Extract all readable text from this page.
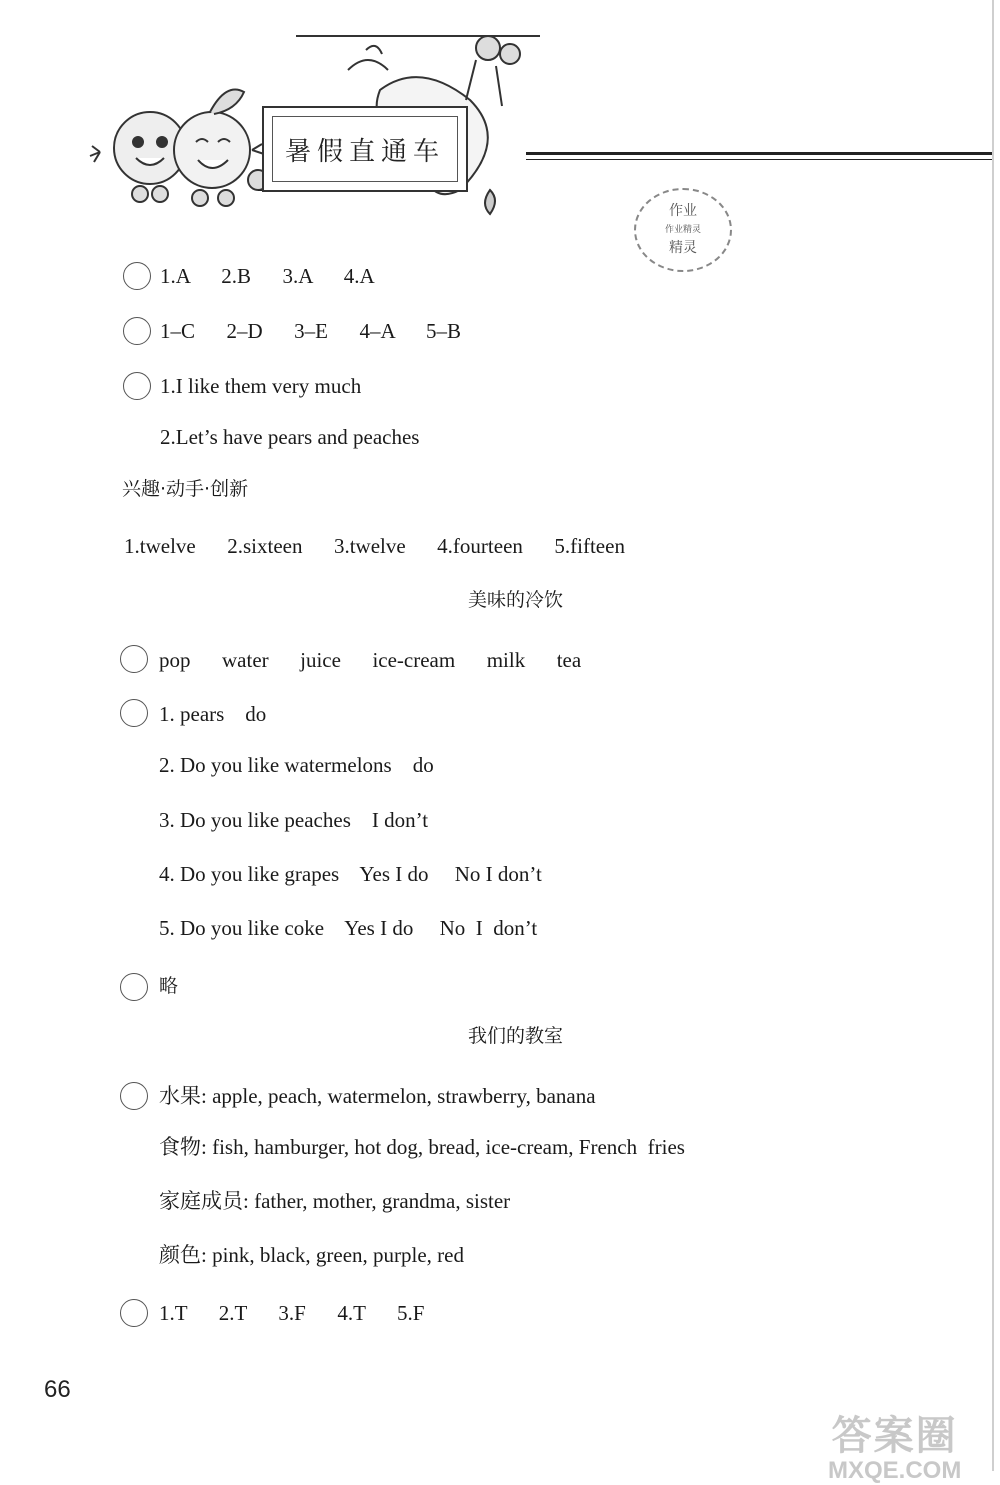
暑假直通车
作业
作业精灵
精灵
1.A      2.B      3.A      4.A
1–C      2–D      3–E      4–A      5–B
1.I like them very much
2.Let’s have pears and peaches
兴趣·动手·创新
1.twelve      2.sixteen      3.twelve      4.fourteen      5.fifteen
美味的冷饮
pop      water      juice      ice-cream      milk      tea
1. pears    do
2. Do you like watermelons    do
3. Do you like peaches    I don’t
4. Do you like grapes    Yes I do     No I don’t
5. Do you like coke    Yes I do     No  I  don’t
略
我们的教室
水果: apple, peach, watermelon, strawberry, banana
食物: fish, hamburger, hot dog, bread, ice-cream, French  fries
家庭成员: father, mother, grandma, sister
颜色: pink, black, green, purple, red
1.T      2.T      3.F      4.T      5.F
66
答案圈
MXQE.COM
